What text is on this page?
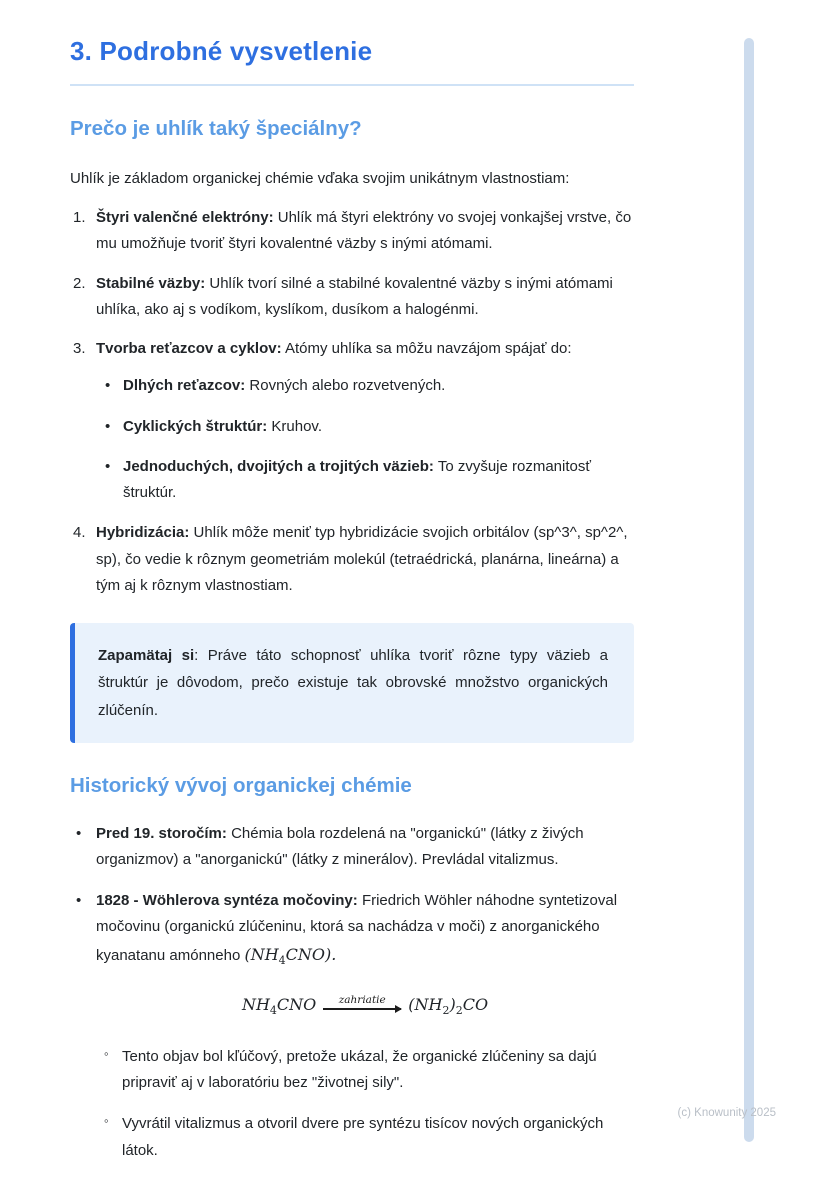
3. Podrobné vysvetlenie
Prečo je uhlík taký špeciálny?

Uhlík je základom organickej chémie vďaka svojim unikátnym vlastnostiam:

1. Štyri valenčné elektróny: Uhlík má štyri elektróny vo svojej vonkajšej vrstve, čo mu umožňuje tvoriť štyri kovalentné väzby s inými atómami.
2. Stabilné väzby: Uhlík tvorí silné a stabilné kovalentné väzby s inými atómami uhlíka, ako aj s vodíkom, kyslíkom, dusíkom a halogénmi.
3. Tvorba reťazcov a cyklov: Atómy uhlíka sa môžu navzájom spájať do:
• Dlhých reťazcov: Rovných alebo rozvetvených.
• Cyklických štruktúr: Kruhov.
• Jednoduchých, dvojitých a trojitých väzieb: To zvyšuje rozmanitosť štruktúr.
4. Hybridizácia: Uhlík môže meniť typ hybridizácie svojich orbitálov (sp^3^, sp^2^, sp), čo vedie k rôznym geometriám molekúl (tetraédrická, planárna, lineárna) a tým aj k rôznym vlastnostiam.

Zapamätaj si: Práve táto schopnosť uhlíka tvoriť rôzne typy väzieb a štruktúr je dôvodom, prečo existuje tak obrovské množstvo organických zlúčenín.

Historický vývoj organickej chémie
• Pred 19. storočím: Chémia bola rozdelená na "organickú" (látky z živých organizmov) a "anorganickú" (látky z minerálov). Prevládal vitalizmus.
• 1828 - Wöhlerova syntéza močoviny: Friedrich Wöhler náhodne syntetizoval močovinu (organickú zlúčeninu, ktorá sa nachádza v moči) z anorganického kyanatanu amónneho $(NH_4CNO)$.
$NH_4CNO$ zahriatie $(NH_2)_2CO$
◦ Tento objav bol kľúčový, pretože ukázal, že organické zlúčeniny sa dajú pripraviť aj v laboratóriu bez "životnej sily".
◦ Vyvrátil vitalizmus a otvoril dvere pre syntézu tisícov nových organických látok.
(c) Knowunity 2025
